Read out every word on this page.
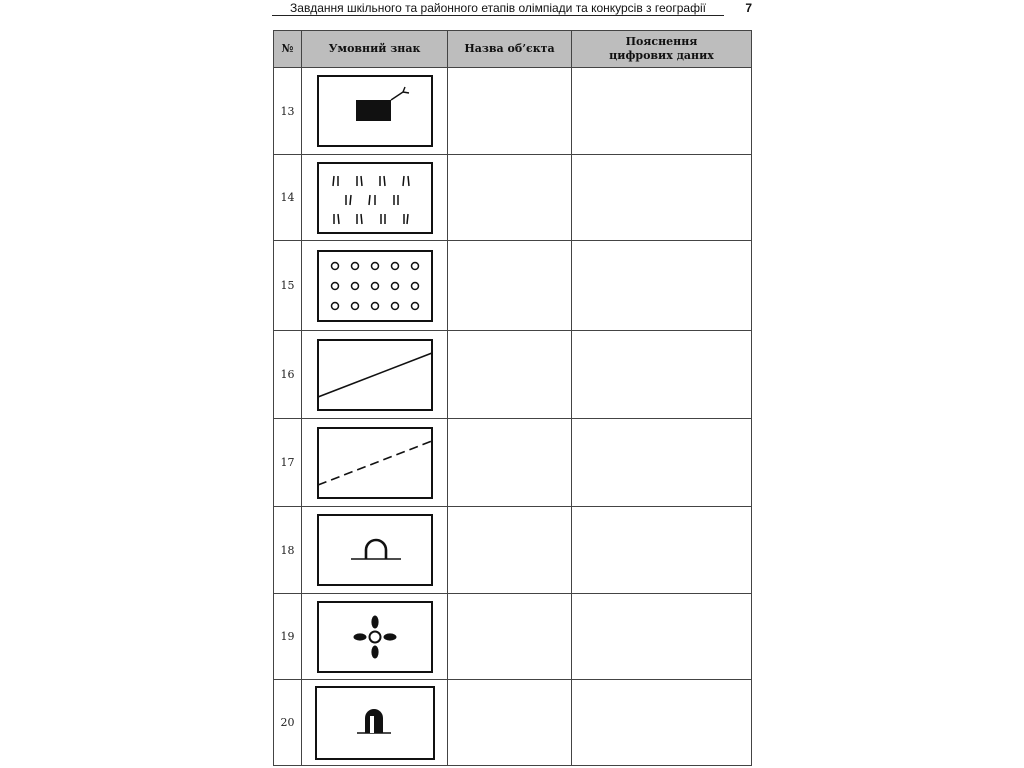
Завдання шкільного та районного етапів олімпіади та конкурсів з географії	7
№	Умовний знак	Назва об’єкта	Пояснення цифрових даних
13	

14	

15	

16	

17	

18	

19	

20	
